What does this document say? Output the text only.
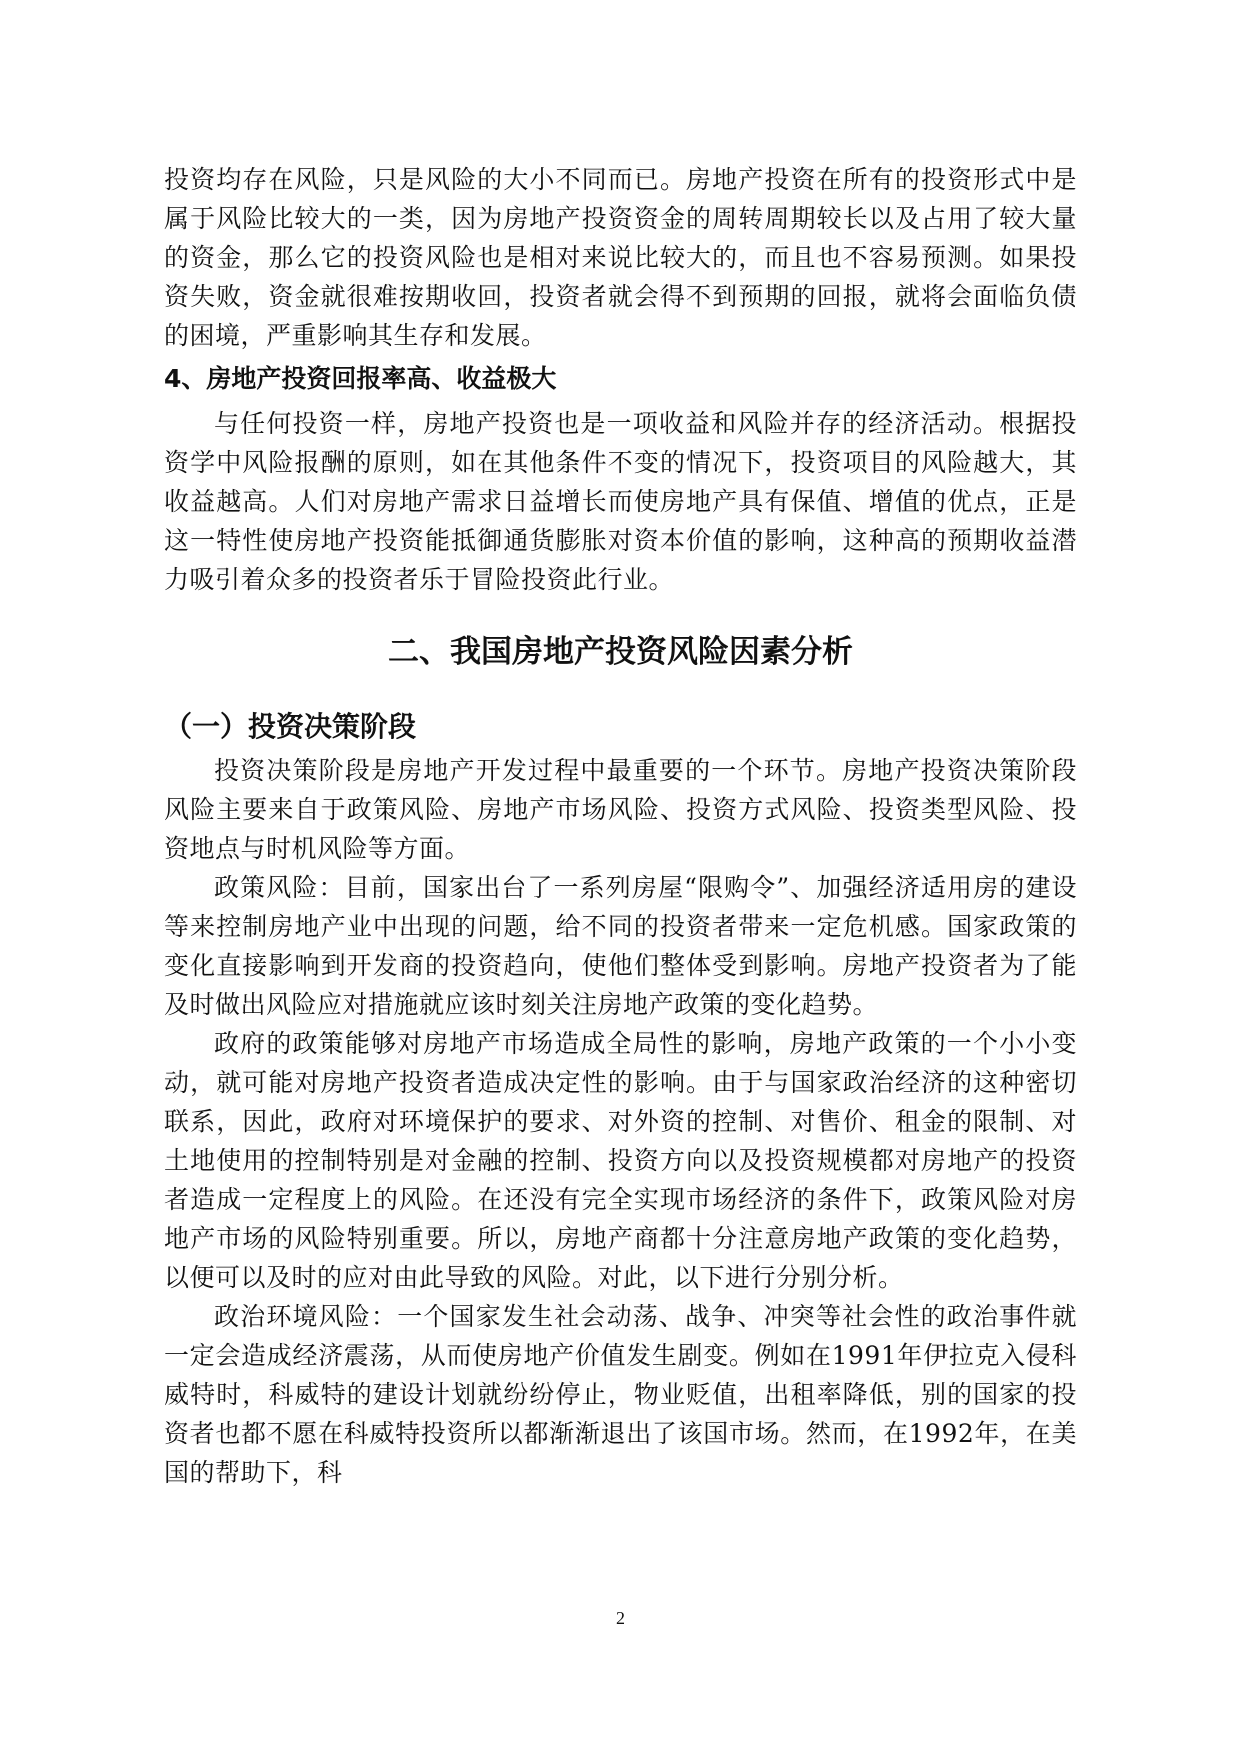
投资均存在风险，只是风险的大小不同而已。房地产投资在所有的投资形式中是属于风险比较大的一类，因为房地产投资资金的周转周期较长以及占用了较大量的资金，那么它的投资风险也是相对来说比较大的，而且也不容易预测。如果投资失败，资金就很难按期收回，投资者就会得不到预期的回报，就将会面临负债的困境，严重影响其生存和发展。

4、房地产投资回报率高、收益极大

与任何投资一样，房地产投资也是一项收益和风险并存的经济活动。根据投资学中风险报酬的原则，如在其他条件不变的情况下，投资项目的风险越大，其收益越高。人们对房地产需求日益增长而使房地产具有保值、增值的优点，正是这一特性使房地产投资能抵御通货膨胀对资本价值的影响，这种高的预期收益潜力吸引着众多的投资者乐于冒险投资此行业。

二、我国房地产投资风险因素分析
（一）投资决策阶段

投资决策阶段是房地产开发过程中最重要的一个环节。房地产投资决策阶段风险主要来自于政策风险、房地产市场风险、投资方式风险、投资类型风险、投资地点与时机风险等方面。

政策风险：目前，国家出台了一系列房屋“限购令”、加强经济适用房的建设等来控制房地产业中出现的问题，给不同的投资者带来一定危机感。国家政策的变化直接影响到开发商的投资趋向，使他们整体受到影响。房地产投资者为了能及时做出风险应对措施就应该时刻关注房地产政策的变化趋势。

政府的政策能够对房地产市场造成全局性的影响，房地产政策的一个小小变动，就可能对房地产投资者造成决定性的影响。由于与国家政治经济的这种密切联系，因此，政府对环境保护的要求、对外资的控制、对售价、租金的限制、对土地使用的控制特别是对金融的控制、投资方向以及投资规模都对房地产的投资者造成一定程度上的风险。在还没有完全实现市场经济的条件下，政策风险对房地产市场的风险特别重要。所以，房地产商都十分注意房地产政策的变化趋势，以便可以及时的应对由此导致的风险。对此，以下进行分别分析。

政治环境风险：一个国家发生社会动荡、战争、冲突等社会性的政治事件就一定会造成经济震荡，从而使房地产价值发生剧变。例如在1991年伊拉克入侵科威特时，科威特的建设计划就纷纷停止，物业贬值，出租率降低，别的国家的投资者也都不愿在科威特投资所以都渐渐退出了该国市场。然而，在1992年，在美国的帮助下，科

2
